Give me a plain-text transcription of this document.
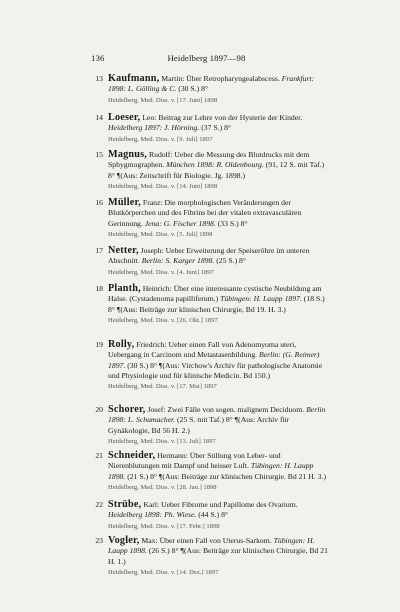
136	Heidelberg 1897—98
13 Kaufmann, Martin: Über Retropharyngealabscess. Frankfurt: 1898: L. Gölling & C. (30 S.) 8°
Heidelberg, Med. Diss. v. [17. Juni] 1898
14 Loeser, Leo: Beitrag zur Lehre von der Hysterie der Kinder. Heidelberg 1897: J. Hörning. (37 S.) 8°
Heidelberg, Med. Diss. v. [9. Juli] 1897
15 Magnus, Rudolf: Ueber die Messung des Blutdrucks mit dem Sphygmographen. München 1898: R. Oldenbourg. (91, 12 S. mit Taf.) 8° ¶(Aus: Zeitschrift für Biologie. Jg. 1898.)
Heidelberg, Med. Diss. v. [14. Juni] 1898
16 Müller, Franz: Die morphologischen Veränderungen der Blutkörperchen und des Fibrins bei der vitalen extravasculären Gerinnung. Jena: G. Fischer 1898. (33 S.) 8°
Heidelberg, Med. Diss. v. [5. Juli] 1898
17 Netter, Joseph: Ueber Erweiterung der Speiseröhre im unteren Abschnitt. Berlin: S. Karger 1898. (25 S.) 8°
Heidelberg, Med. Diss. v. [4. Juni] 1897
18 Planth, Heinrich: Über eine interessante cystische Neubildung am Halse. (Cystadenoma papilliferum.) Tübingen: H. Laupp 1897. (18 S.) 8° ¶(Aus: Beiträge zur klinischen Chirurgie, Bd 19. H. 3.)
Heidelberg, Med. Diss. v. [26. Okt.] 1897
19 Rolly, Friedrich: Ueber einen Fall von Adenomyoma uteri, Uebergang in Carcinom und Metastasenbildung. Berlin: (G. Reimer) 1897. (30 S.) 8° ¶(Aus: Virchow's Archiv für pathologische Anatomie und Physiologie und für klinische Medicin. Bd 150.)
Heidelberg, Med. Diss. v. [17. Mai] 1897
20 Schorer, Josef: Zwei Fälle von sogen. malignem Deciduom. Berlin 1898: L. Schumacher. (25 S. mit Taf.) 8° ¶(Aus: Archiv für Gynäkologie, Bd 56 H. 2.)
Heidelberg, Med. Diss. v. [13. Juli] 1897
21 Schneider, Hermann: Über Stillung von Leber- und Nierenblutungen mit Dampf und heisser Luft. Tübingen: H. Laupp 1898. (21 S.) 8° ¶(Aus: Beiträge zur klinischen Chirurgie. Bd 21 H. 3.)
Heidelberg, Med. Diss. v. [28. Jan.] 1898
22 Strübe, Karl: Ueber Fibrome und Papillome des Ovarium. Heidelberg 1898: Ph. Wiese. (44 S.) 8°
Heidelberg, Med. Diss. v. [17. Febr.] 1898
23 Vogler, Max: Über einen Fall von Uterus-Sarkom. Tübingen: H. Laupp 1898. (26 S.) 8° ¶(Aus: Beiträge zur klinischen Chirurgie, Bd 21 H. 1.)
Heidelberg, Med. Diss. v. [14. Dez.] 1897
